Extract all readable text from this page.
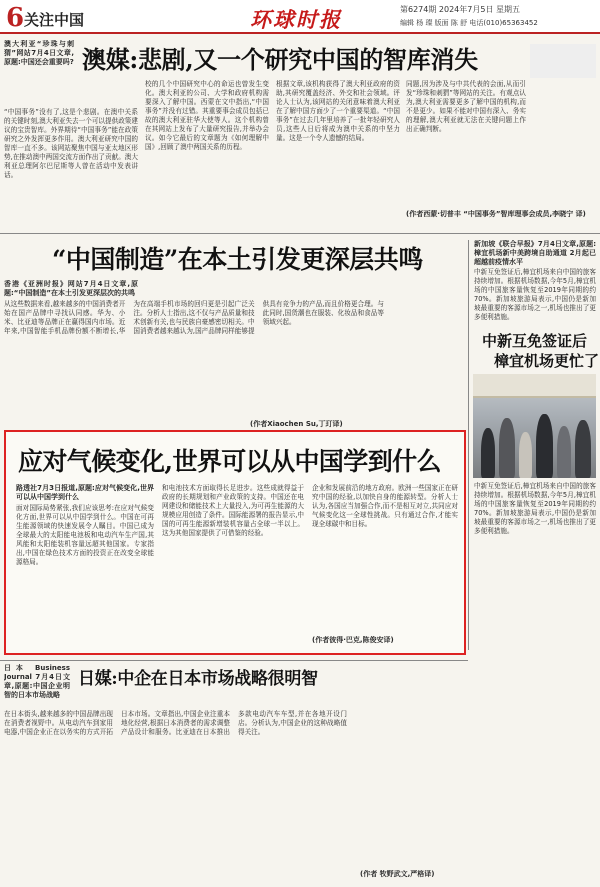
6 关注中国	环球时报	第6274期 2024年7月5日 星期五
编辑 杨 璨 版面 陈 舒 电话(010)65363452
澳大利亚“珍珠与刺猬”网站7月4日文章,原题:中国还会重要吗? 澳媒:悲剧,又一个研究中国的智库消失
“中国事务”没有了,这是个悲剧。在澳中关系的关键时刻,澳大利亚失去一个可以提供政策建议的宝贵智库。外界期待“中国事务”能在政策研究之外发挥更多作用。澳大利亚研究中国的智库一直不多。该网站聚焦中国与亚太地区形势,在推动澳中两国交流方面作出了贡献。澳大利亚总理阿尔巴尼斯等人曾在活动中发表讲话。
校的几个中国研究中心的命运也曾发生变化。澳大利亚的公司、大学和政府机构需要深入了解中国。西蒙在文中指出,“中国事务”并没有过错。其重要事会成员包括已故的澳大利亚驻华大使等人。这个机构曾在其网站上发布了大量研究报告,并举办会议。如今它最后的文章题为《如何理解中国》,回顾了澳中两国关系的历程。
根据文章,该机构获得了澳大利亚政府的资助,其研究覆盖经济、外交和社会领域。评论人士认为,该网站的关闭意味着澳大利亚在了解中国方面少了一个重要渠道。“中国事务”在过去几年里培养了一批年轻研究人员,这些人日后将成为澳中关系的中坚力量。这是一个令人遗憾的结局。
同题,因为涉及与中共代表的会面,从而引发“珍珠和刺猬”等网站的关注。有观点认为,澳大利亚需要更多了解中国的机构,而不是更少。如果不能对中国有深入、务实的理解,澳大利亚就无法在关键问题上作出正确判断。
(作者西蒙·切普丰 “中国事务”智库理事会成员,李晓宁 译)
“中国制造”在本土引发更深层共鸣
香港《亚洲时报》网站7月4日文章,原题:“中国制造”在本土引发更深层次的共鸣
从这些数据来看,越来越多的中国消费者开始在国产品牌中寻找认同感。华为、小米、比亚迪等品牌正在赢得国内市场。近年来,中国智能手机品牌份额不断增长,华为在高端手机市场的回归更是引起广泛关注。分析人士指出,这不仅与产品质量和技术创新有关,也与民族自豪感密切相关。中国消费者越来越认为,国产品牌同样能够提供具有竞争力的产品,而且价格更合理。与此同时,国货潮也在服装、化妆品和食品等领域兴起。
(作者Xiaochen Su,丁玎译)
新加坡《联合早报》7月4日文章,原题:樟宜机场新中美跨境自助通道 2月起已超越前疫情水平
中新互免签证后,樟宜机场来自中国的旅客持续增加。根据机场数据,今年5月,樟宜机场的中国旅客量恢复至2019年同期的约70%。新加坡旅游局表示,中国仍是新加坡最重要的客源市场之一,机场也推出了更多便利措施。
中新互免签证后
樟宜机场更忙了
中新互免签证后,樟宜机场来自中国的旅客持续增加。根据机场数据,今年5月,樟宜机场的中国旅客量恢复至2019年同期的约70%。新加坡旅游局表示,中国仍是新加坡最重要的客源市场之一,机场也推出了更多便利措施。
应对气候变化,世界可以从中国学到什么
路透社7月3日报道,原题:应对气候变化,世界可以从中国学到什么
面对国际局势紧张,我们应该思考:在应对气候变化方面,世界可以从中国学到什么。中国在可再生能源领域的快速发展令人瞩目。中国已成为全球最大的太阳能电池板和电动汽车生产国,其风能和太阳能装机容量远超其他国家。专家指出,中国在绿色技术方面的投资正在改变全球能源格局。
和电池技术方面取得长足进步。这些成就得益于政府的长期规划和产业政策的支持。中国还在电网建设和储能技术上大量投入,为可再生能源的大规模应用创造了条件。国际能源署的报告显示,中国的可再生能源新增装机容量占全球一半以上。这为其他国家提供了可借鉴的经验。
企业和发展前沿的地方政府。欧洲一些国家正在研究中国的经验,以加快自身的能源转型。分析人士认为,各国应当加强合作,而不是相互对立,共同应对气候变化这一全球性挑战。只有通过合作,才能实现全球碳中和目标。
(作者彼得·巴克,陈俊安译)
日本 Business Journal 7月4日文章,原题:中国企业明智的日本市场战略
日媒:中企在日本市场战略很明智
在日本街头,越来越多的中国品牌出现在消费者视野中。从电动汽车到家用电器,中国企业正在以务实的方式开拓日本市场。文章指出,中国企业注重本地化经营,根据日本消费者的需求调整产品设计和服务。比亚迪在日本推出多款电动汽车车型,并在各地开设门店。分析认为,中国企业的这种战略值得关注。
(作者 牧野武文,严格译)
